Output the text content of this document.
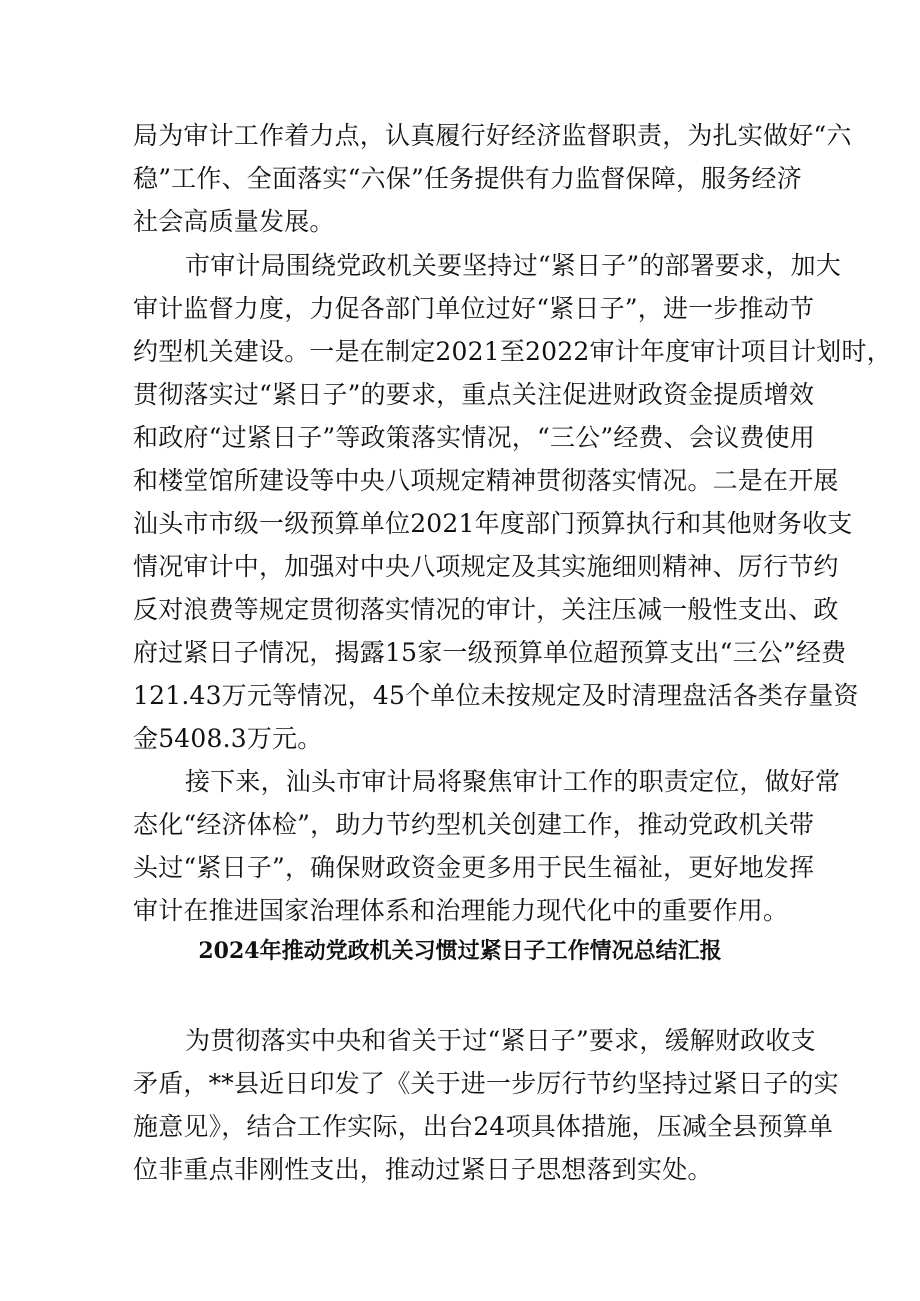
局为审计工作着力点，认真履行好经济监督职责，为扎实做好“六
稳”工作、全面落实“六保”任务提供有力监督保障，服务经济
社会高质量发展。
市审计局围绕党政机关要坚持过“紧日子”的部署要求，加大
审计监督力度，力促各部门单位过好“紧日子”，进一步推动节
约型机关建设。一是在制定2021至2022审计年度审计项目计划时，
贯彻落实过“紧日子”的要求，重点关注促进财政资金提质增效
和政府“过紧日子”等政策落实情况，“三公”经费、会议费使用
和楼堂馆所建设等中央八项规定精神贯彻落实情况。二是在开展
汕头市市级一级预算单位2021年度部门预算执行和其他财务收支
情况审计中，加强对中央八项规定及其实施细则精神、厉行节约
反对浪费等规定贯彻落实情况的审计，关注压减一般性支出、政
府过紧日子情况，揭露15家一级预算单位超预算支出“三公”经费
121.43万元等情况，45个单位未按规定及时清理盘活各类存量资
金5408.3万元。
接下来，汕头市审计局将聚焦审计工作的职责定位，做好常
态化“经济体检”，助力节约型机关创建工作，推动党政机关带
头过“紧日子”，确保财政资金更多用于民生福祉，更好地发挥
审计在推进国家治理体系和治理能力现代化中的重要作用。
2024年推动党政机关习惯过紧日子工作情况总结汇报
为贯彻落实中央和省关于过“紧日子”要求，缓解财政收支
矛盾，**县近日印发了《关于进一步厉行节约坚持过紧日子的实
施意见》，结合工作实际，出台24项具体措施，压减全县预算单
位非重点非刚性支出，推动过紧日子思想落到实处。
